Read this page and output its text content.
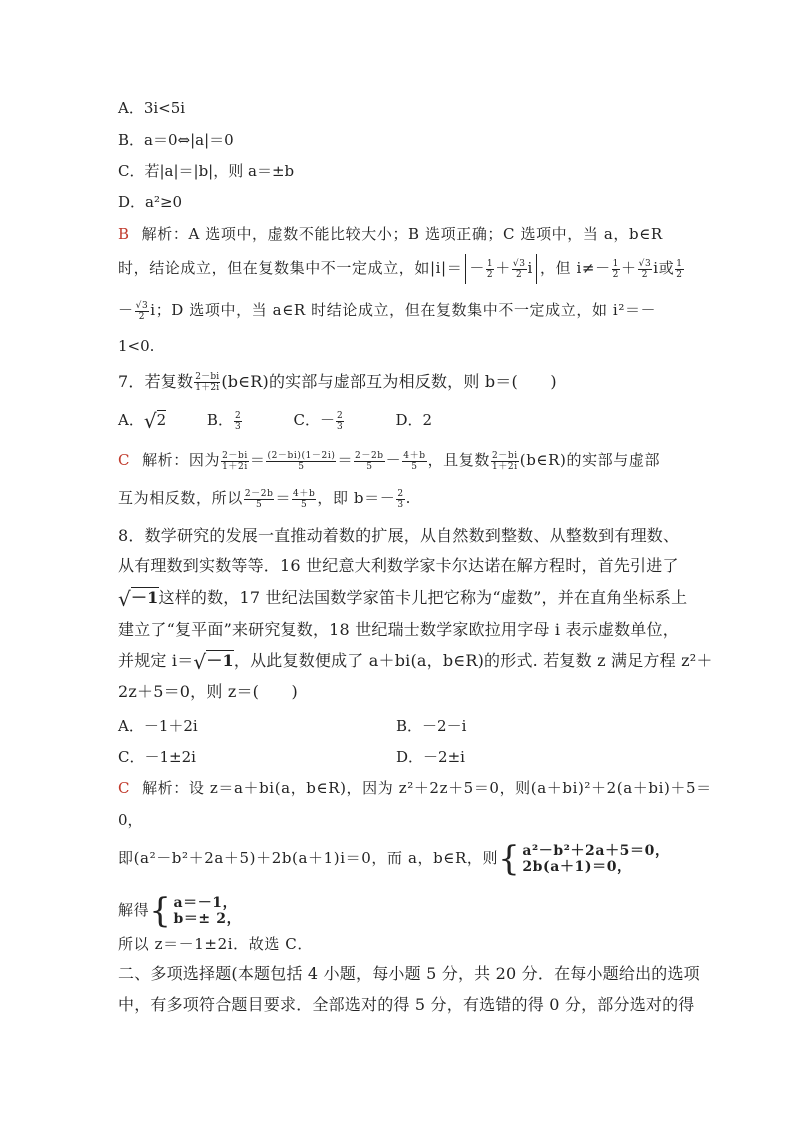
A．3i<5i
B．a＝0⇔|a|＝0
C．若|a|＝|b|，则 a＝±b
D．a²≥0
B 解析：A 选项中，虚数不能比较大小；B 选项正确；C 选项中，当 a，b∈R
时，结论成立，但在复数集中不一定成立，如$|i|= - \frac{1}{2} + \frac{√3}{2}$ i ，但 $i\ne- \frac{1}{2} + \frac{√3}{2}$ i或 $\frac{1}{2}$
－ $\frac{√3}{2}$ i；D 选项中，当 a∈R 时结论成立，但在复数集中不一定成立，如 i²＝－
1<0.
7．若复数 $\frac{2-bi}{1+2i}$ (b∈R)的实部与虚部互为相反数，则 b＝(　　)
A．√2	B． $\frac{2}{3}$	C．－ $\frac{2}{3}$	D．2
C 解析：因为 $\frac{2-bi}{1+2i} = \frac{(2-bi)(1-2i)}{5} = \frac{2-2b}{5} - \frac{4+b}{5}$ ，且复数 $\frac{2-bi}{1+2i}$ (b∈R)的实部与虚部
互为相反数，所以 $\frac{2-2b}{5} = \frac{4+b}{5}$ ，即 $b=- \frac{2}{3}$ .
8．数学研究的发展一直推动着数的扩展，从自然数到整数、从整数到有理数、
从有理数到实数等等．16 世纪意大利数学家卡尔达诺在解方程时，首先引进了
√－1这样的数，17 世纪法国数学家笛卡儿把它称为“虚数”，并在直角坐标系上
建立了“复平面”来研究复数，18 世纪瑞士数学家欧拉用字母 i 表示虚数单位，
并规定 i＝√－1，从此复数便成了 a＋bi(a，b∈R)的形式. 若复数 z 满足方程 z²＋
2z＋5＝0，则 z＝(　　)
A．－1＋2i	B．－2－i
C．－1±2i	D．－2±i
C 解析：设 z＝a＋bi(a，b∈R)，因为 z²＋2z＋5＝0，则(a＋bi)²＋2(a＋bi)＋5＝
0，
即(a²－b²＋2a＋5)＋2b(a＋1)i＝0，而 a，b∈R，则{ a²－b²＋2a＋5＝0，
2b(a＋1)＝0，
解得{ a＝－1，
b＝± 2，
所以 z＝－1±2i．故选 C．
二、多项选择题(本题包括 4 小题，每小题 5 分，共 20 分．在每小题给出的选项
中，有多项符合题目要求．全部选对的得 5 分，有选错的得 0 分，部分选对的得
